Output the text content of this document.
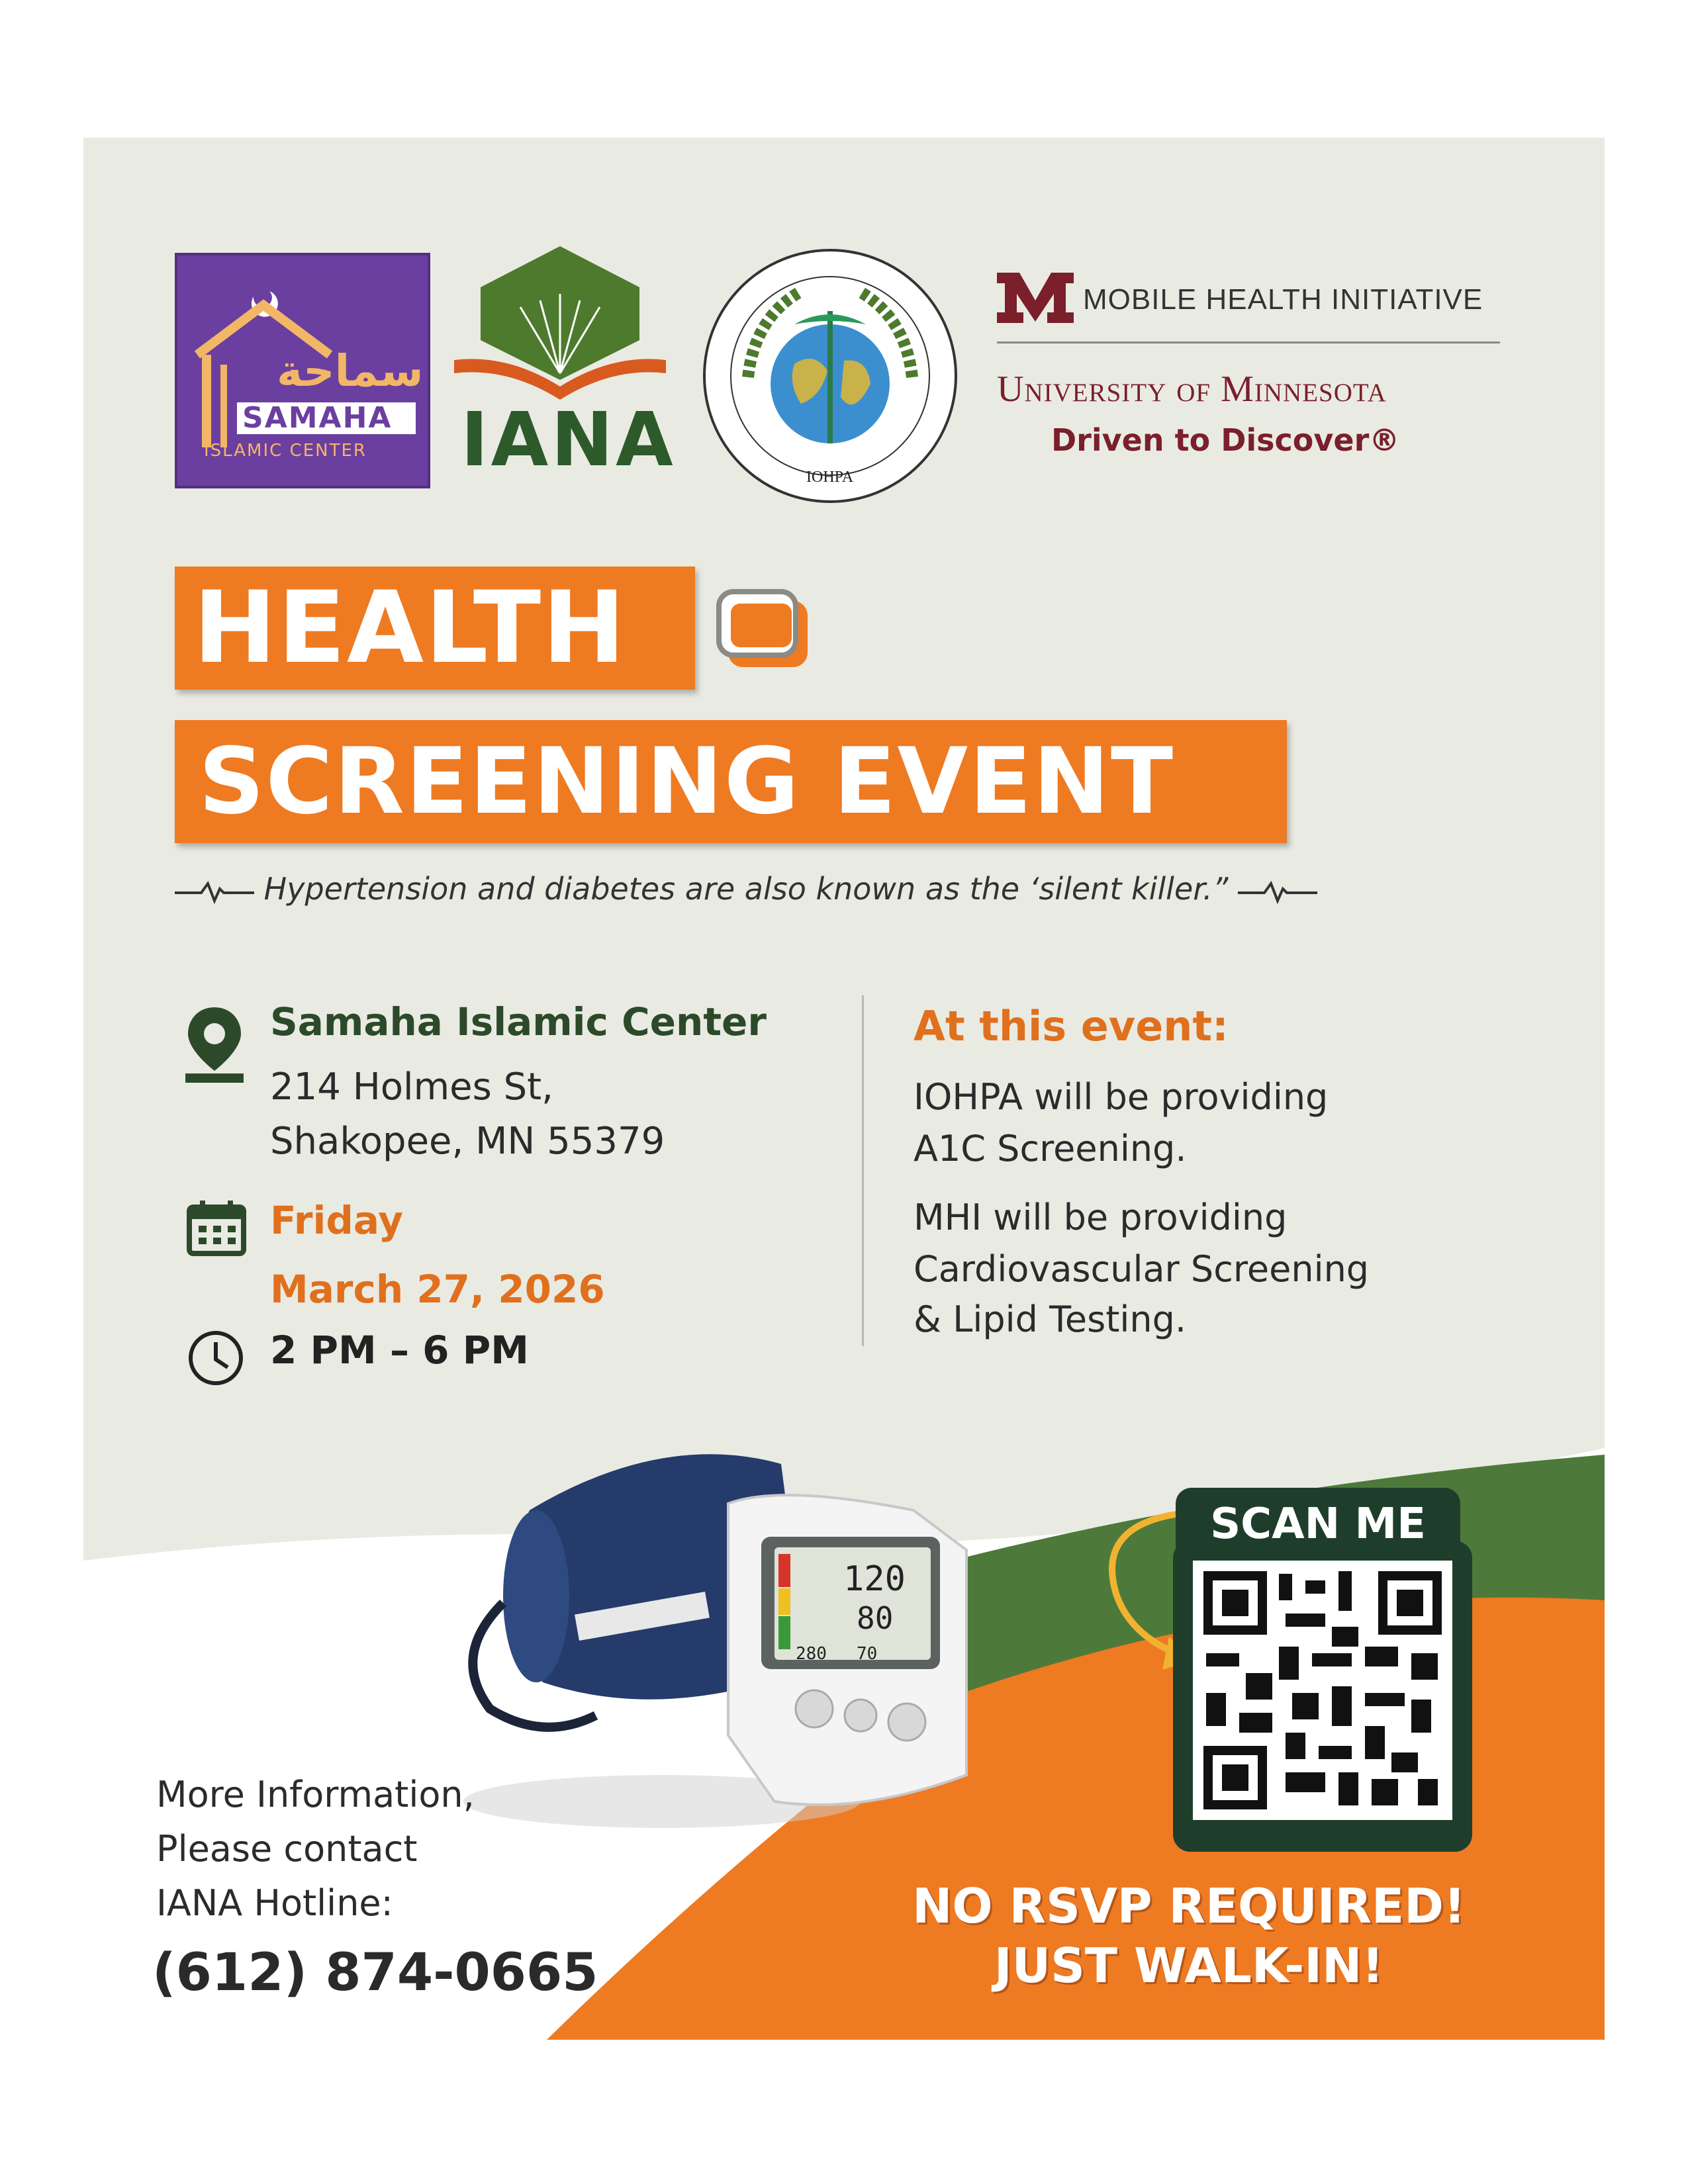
سماحة
SAMAHA
ISLAMIC CENTER IANA	IOHPA
MOBILE HEALTH INITIATIVE
University of Minnesota
Driven to Discover®
HEALTH
SCREENING EVENT
Hypertension and diabetes are also known as the ‘silent killer.”
Samaha Islamic Center
214 Holmes St,
Shakopee, MN 55379
Friday
March 27, 2026
2 PM – 6 PM
At this event:
IOHPA will be providing
A1C Screening.
MHI will be providing
Cardiovascular Screening
& Lipid Testing.
120
80
280 70
SCAN ME
More Information,
Please contact
IANA Hotline:
(612) 874-0665
NO RSVP REQUIRED!
JUST WALK-IN!
